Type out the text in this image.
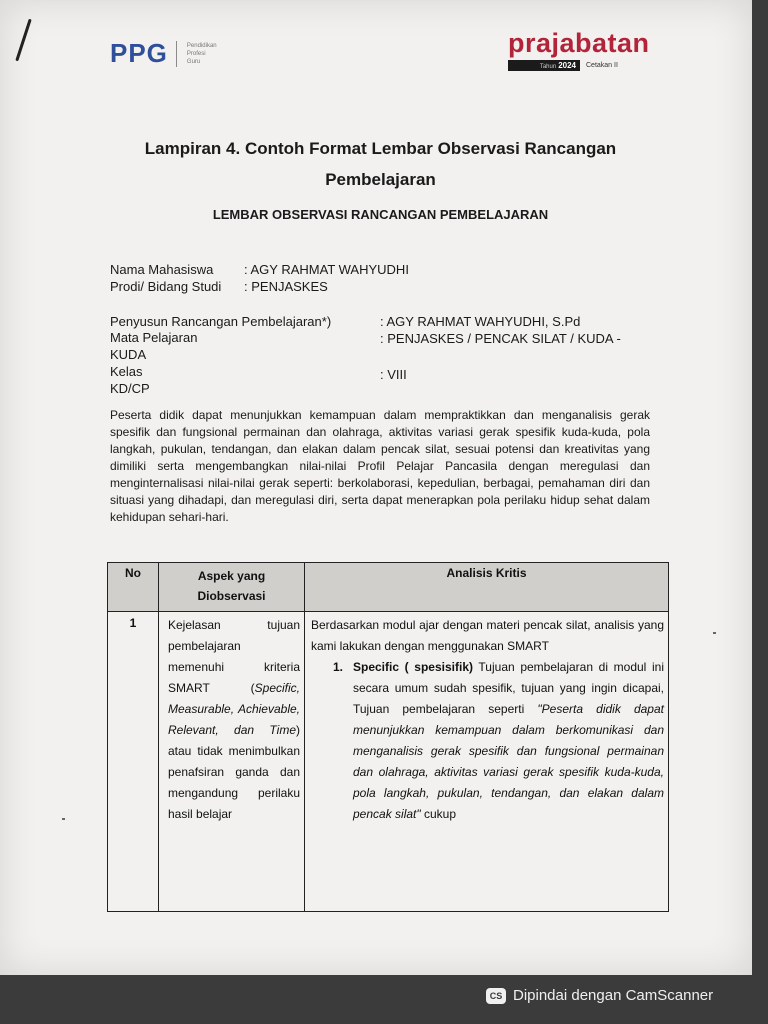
PPG	Pendidikan
Profesi
Guru
prajabatan
Tahun 2024	Cetakan II
Lampiran 4. Contoh Format Lembar Observasi Rancangan
Pembelajaran
LEMBAR OBSERVASI RANCANGAN PEMBELAJARAN
Nama Mahasiswa : AGY RAHMAT WAHYUDHI
Prodi/ Bidang Studi : PENJASKES
Penyusun Rancangan Pembelajaran*)	: AGY RAHMAT WAHYUDHI, S.Pd
Mata Pelajaran	: PENJASKES / PENCAK SILAT / KUDA -
KUDA
Kelas	: VIII
KD/CP
Peserta didik dapat menunjukkan kemampuan dalam mempraktikkan dan menganalisis gerak spesifik dan fungsional permainan dan olahraga, aktivitas variasi gerak spesifik kuda-kuda, pola langkah, pukulan, tendangan, dan elakan dalam pencak silat, sesuai potensi dan kreativitas yang dimiliki serta mengembangkan nilai-nilai Profil Pelajar Pancasila dengan meregulasi dan menginternalisasi nilai-nilai gerak seperti: berkolaborasi, kepedulian, berbagai, pemahaman diri dan situasi yang dihadapi, dan meregulasi diri, serta dapat menerapkan pola perilaku hidup sehat dalam kehidupan sehari-hari.
No	Aspek yang Diobservasi	Analisis Kritis
1	Kejelasan tujuan pembelajaran memenuhi kriteria SMART (Specific, Measurable, Achievable, Relevant, dan Time) atau tidak menimbulkan penafsiran ganda dan mengandung perilaku hasil belajar	Berdasarkan modul ajar dengan materi pencak silat, analisis yang kami lakukan dengan menggunakan SMART
1. Specific ( spesisifik) Tujuan pembelajaran di modul ini secara umum sudah spesifik, tujuan yang ingin dicapai, Tujuan pembelajaran seperti "Peserta didik dapat menunjukkan kemampuan dalam berkomunikasi dan menganalisis gerak spesifik dan fungsional permainan dan olahraga, aktivitas variasi gerak spesifik kuda-kuda, pola langkah, pukulan, tendangan, dan elakan dalam pencak silat" cukup
CS Dipindai dengan CamScanner
